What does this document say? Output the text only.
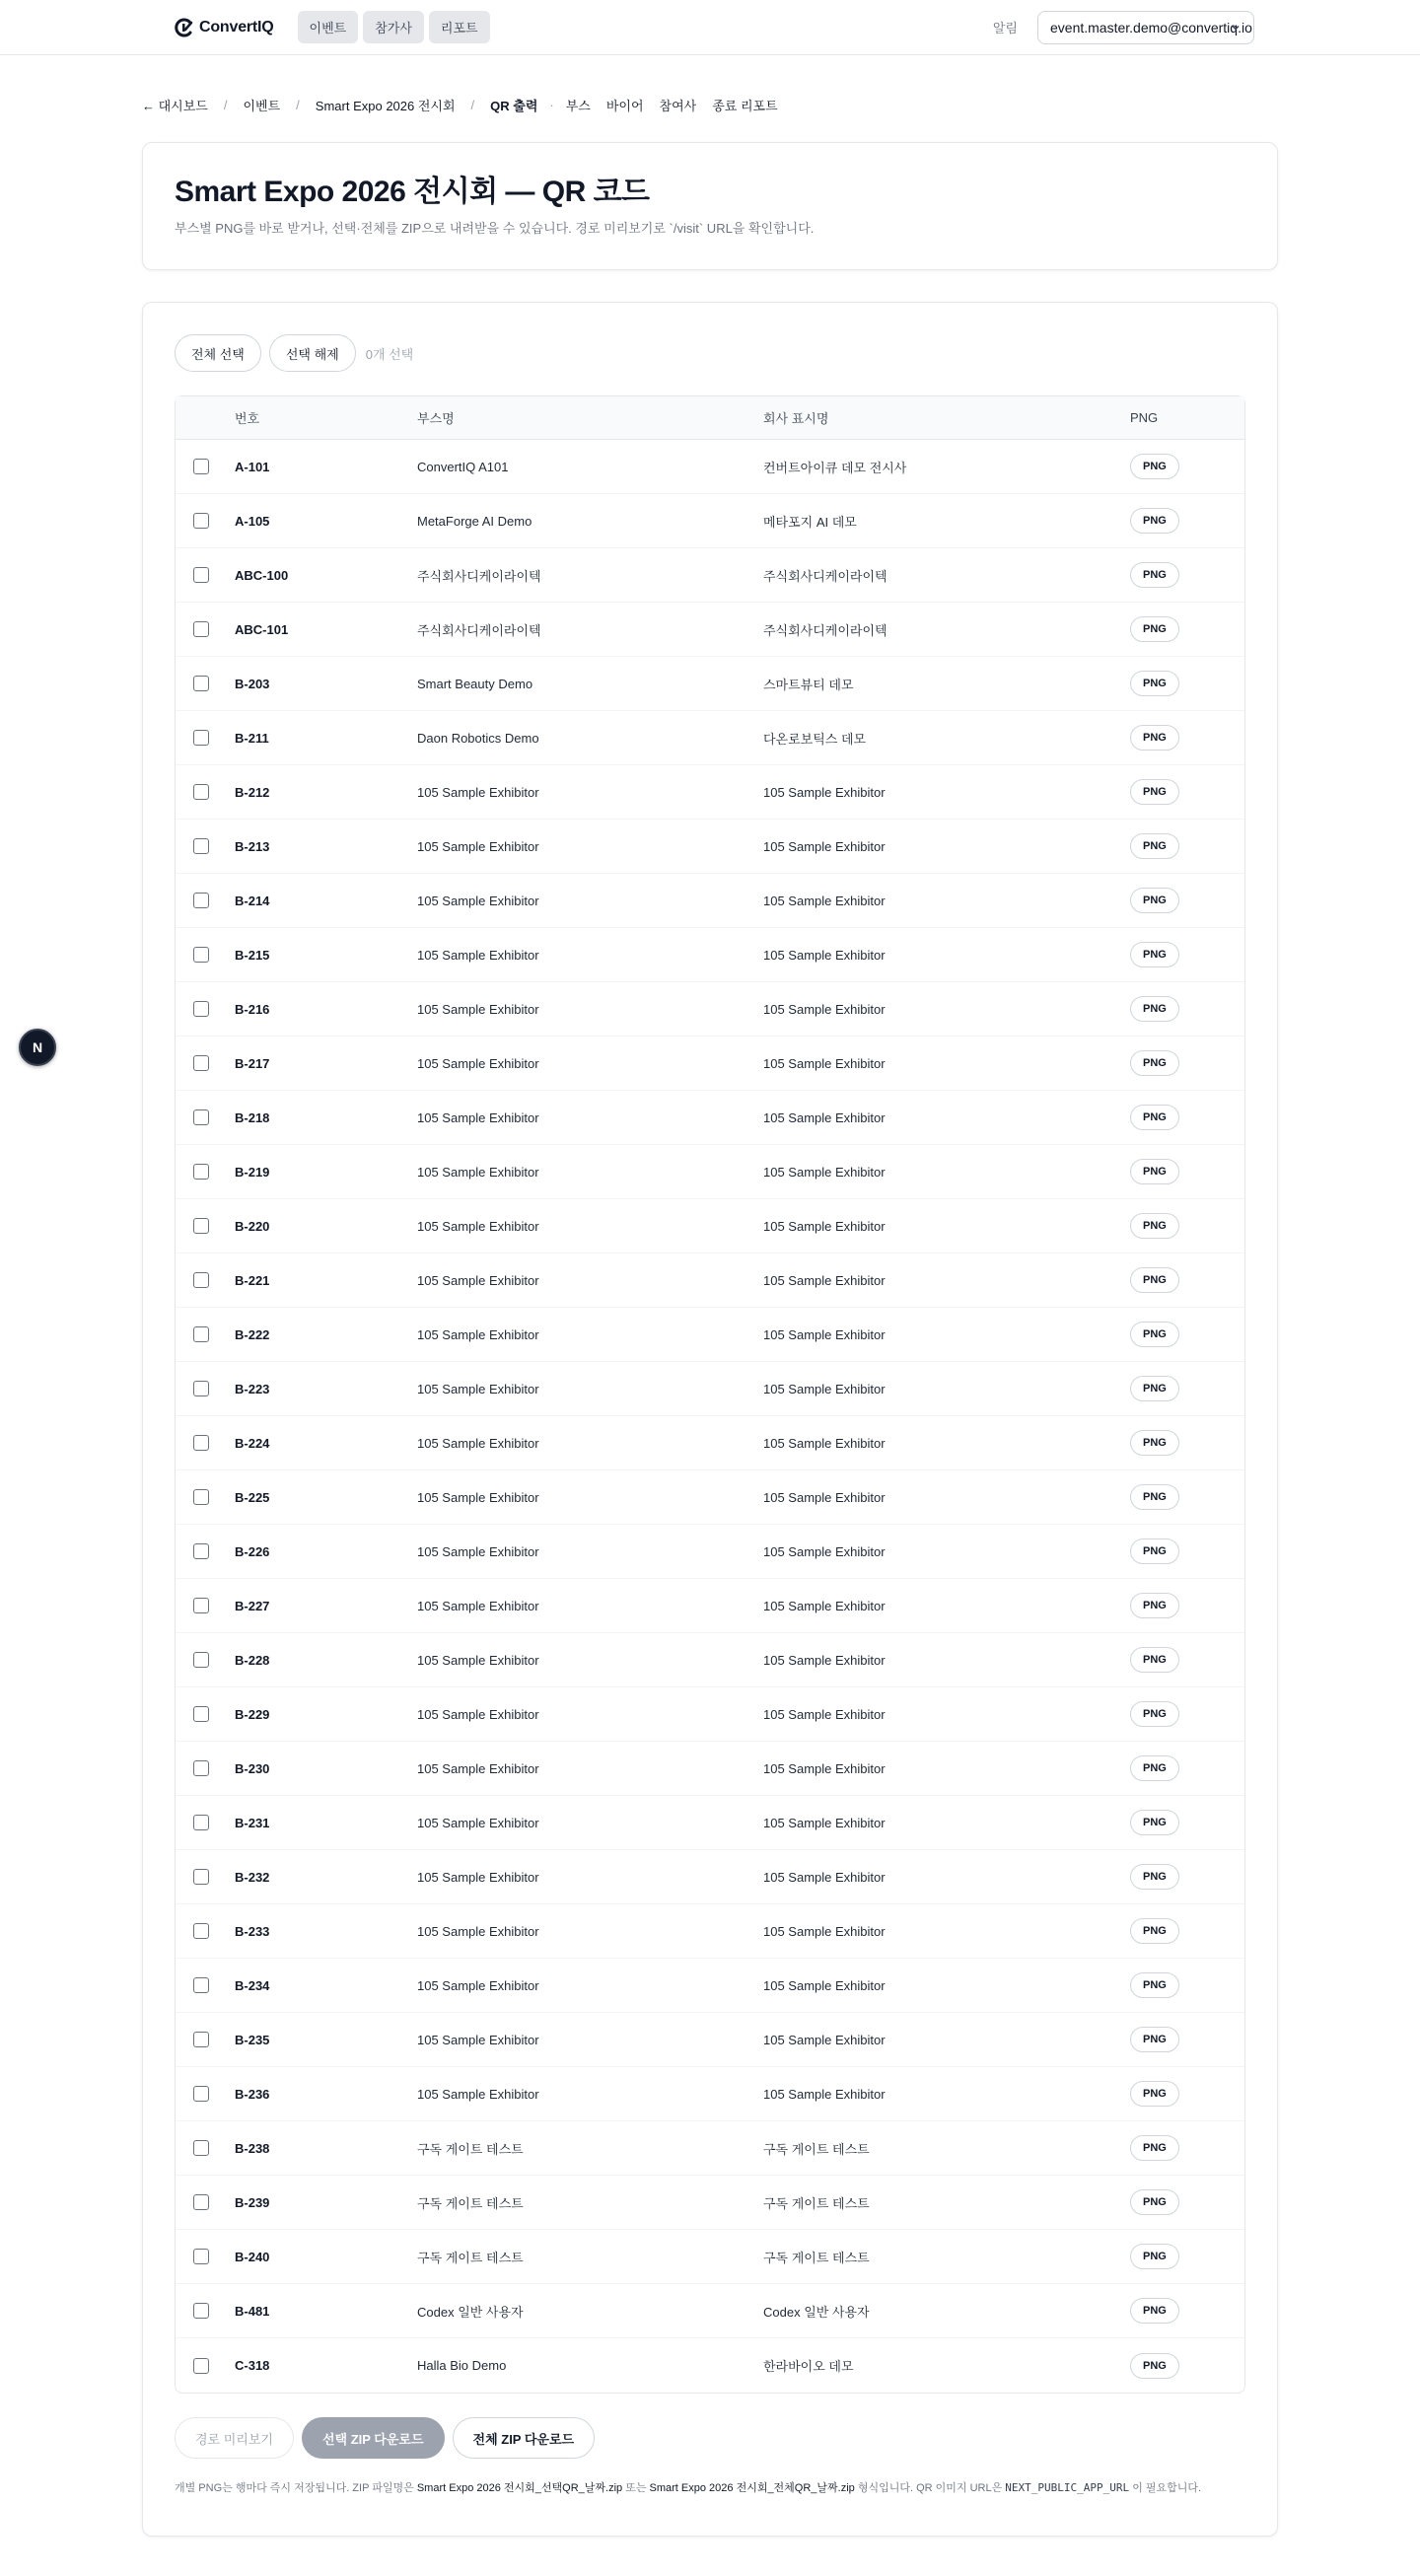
ConvertIQ	이벤트	참가사	리포트	알림 event.master.demo@convertiq.io
← 대시보드 / 이벤트 / Smart Expo 2026 전시회 / QR 출력 · 부스 바이어 참여사 종료 리포트
Smart Expo 2026 전시회 — QR 코드

부스별 PNG를 바로 받거나, 선택·전체를 ZIP으로 내려받을 수 있습니다. 경로 미리보기로 `/visit` URL을 확인합니다.

전체 선택	선택 해제	0개 선택
	번호	부스명	회사 표시명	PNG
	A-101	ConvertIQ A101	컨버트아이큐 데모 전시사	PNG
	A-105	MetaForge AI Demo	메타포지 AI 데모	PNG
	ABC-100	주식회사디케이라이텍	주식회사디케이라이텍	PNG
	ABC-101	주식회사디케이라이텍	주식회사디케이라이텍	PNG
	B-203	Smart Beauty Demo	스마트뷰티 데모	PNG
	B-211	Daon Robotics Demo	다온로보틱스 데모	PNG
	B-212	105 Sample Exhibitor	105 Sample Exhibitor	PNG
	B-213	105 Sample Exhibitor	105 Sample Exhibitor	PNG
	B-214	105 Sample Exhibitor	105 Sample Exhibitor	PNG
	B-215	105 Sample Exhibitor	105 Sample Exhibitor	PNG
	B-216	105 Sample Exhibitor	105 Sample Exhibitor	PNG
	B-217	105 Sample Exhibitor	105 Sample Exhibitor	PNG
	B-218	105 Sample Exhibitor	105 Sample Exhibitor	PNG
	B-219	105 Sample Exhibitor	105 Sample Exhibitor	PNG
	B-220	105 Sample Exhibitor	105 Sample Exhibitor	PNG
	B-221	105 Sample Exhibitor	105 Sample Exhibitor	PNG
	B-222	105 Sample Exhibitor	105 Sample Exhibitor	PNG
	B-223	105 Sample Exhibitor	105 Sample Exhibitor	PNG
	B-224	105 Sample Exhibitor	105 Sample Exhibitor	PNG
	B-225	105 Sample Exhibitor	105 Sample Exhibitor	PNG
	B-226	105 Sample Exhibitor	105 Sample Exhibitor	PNG
	B-227	105 Sample Exhibitor	105 Sample Exhibitor	PNG
	B-228	105 Sample Exhibitor	105 Sample Exhibitor	PNG
	B-229	105 Sample Exhibitor	105 Sample Exhibitor	PNG
	B-230	105 Sample Exhibitor	105 Sample Exhibitor	PNG
	B-231	105 Sample Exhibitor	105 Sample Exhibitor	PNG
	B-232	105 Sample Exhibitor	105 Sample Exhibitor	PNG
	B-233	105 Sample Exhibitor	105 Sample Exhibitor	PNG
	B-234	105 Sample Exhibitor	105 Sample Exhibitor	PNG
	B-235	105 Sample Exhibitor	105 Sample Exhibitor	PNG
	B-236	105 Sample Exhibitor	105 Sample Exhibitor	PNG
	B-238	구독 게이트 테스트	구독 게이트 테스트	PNG
	B-239	구독 게이트 테스트	구독 게이트 테스트	PNG
	B-240	구독 게이트 테스트	구독 게이트 테스트	PNG
	B-481	Codex 일반 사용자	Codex 일반 사용자	PNG
	C-318	Halla Bio Demo	한라바이오 데모	PNG
경로 미리보기	선택 ZIP 다운로드	전체 ZIP 다운로드

개별 PNG는 행마다 즉시 저장됩니다. ZIP 파일명은 Smart Expo 2026 전시회_선택QR_날짜.zip 또는 Smart Expo 2026 전시회_전체QR_날짜.zip 형식입니다. QR 이미지 URL은 NEXT_PUBLIC_APP_URL 이 필요합니다.

N
